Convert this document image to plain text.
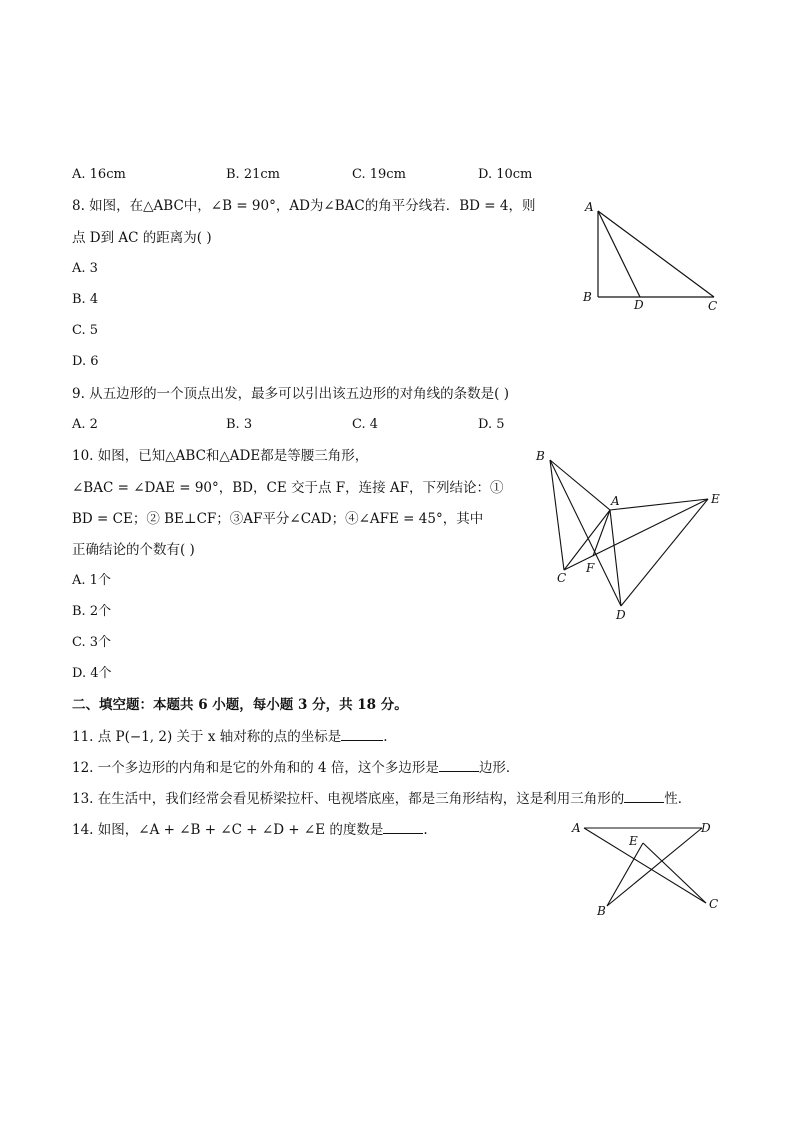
A. 16cm	B. 21cm	C. 19cm	D. 10cm
8. 如图，在△ABC中，∠B = 90°，AD为∠BAC的角平分线若．BD = 4，则
点 D到 AC 的距离为( )
A. 3
B. 4
C. 5
D. 6
A
B
D	C
9. 从五边形的一个顶点出发，最多可以引出该五边形的对角线的条数是( )
A. 2	B. 3	C. 4	D. 5
10. 如图，已知△ABC和△ADE都是等腰三角形，
∠BAC = ∠DAE = 90°，BD，CE 交于点 F，连接 AF，下列结论：①
BD = CE；② BE⊥CF；③AF平分∠CAD；④∠AFE = 45°，其中
正确结论的个数有( )
A. 1个
B. 2个
C. 3个
D. 4个
B
A	E
F
C
D
二、填空题：本题共 6 小题，每小题 3 分，共 18 分。
11. 点 P(−1, 2) 关于 x 轴对称的点的坐标是	.
12. 一个多边形的内角和是它的外角和的 4 倍，这个多边形是	边形．
13. 在生活中，我们经常会看见桥梁拉杆、电视塔底座，都是三角形结构，这是利用三角形的	性．
14. 如图，∠A + ∠B + ∠C + ∠D + ∠E 的度数是	.	A	D
E
B	C
